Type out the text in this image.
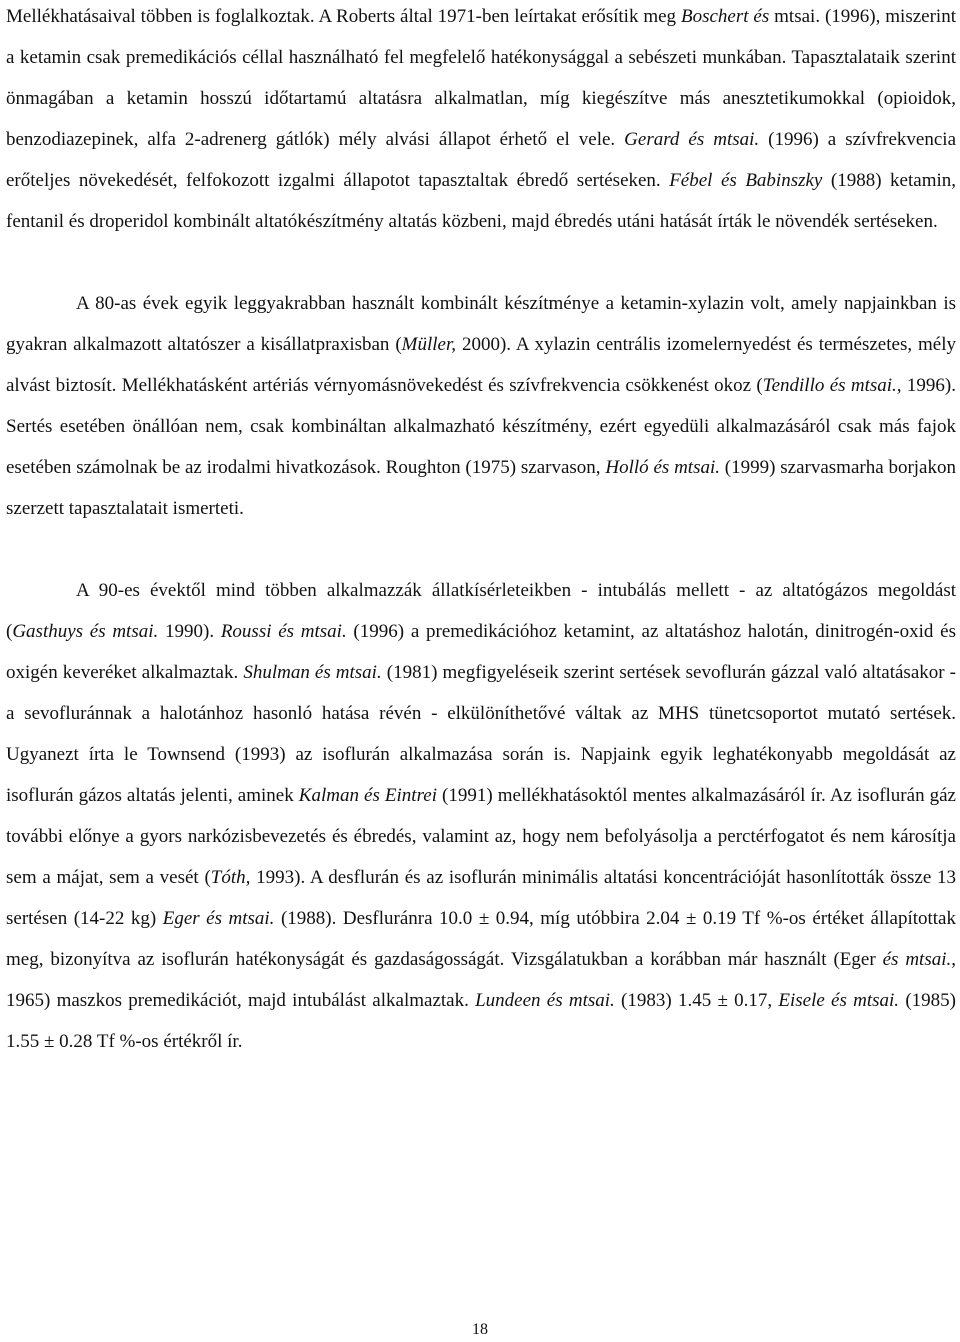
Mellékhatásaival többen is foglalkoztak. A Roberts által 1971-ben leírtakat erősítik meg Boschert és mtsai. (1996), miszerint a ketamin csak premedikációs céllal használható fel megfelelő hatékonysággal a sebészeti munkában. Tapasztalataik szerint önmagában a ketamin hosszú időtartamú altatásra alkalmatlan, míg kiegészítve más anesztetikumokkal (opioidok, benzodiazepinek, alfa 2-adrenerg gátlók) mély alvási állapot érhető el vele. Gerard és mtsai. (1996) a szívfrekvencia erőteljes növekedését, felfokozott izgalmi állapotot tapasztaltak ébredő sertéseken. Fébel és Babinszky (1988) ketamin, fentanil és droperidol kombinált altatókészítmény altatás közbeni, majd ébredés utáni hatását írták le növendék sertéseken.

A 80-as évek egyik leggyakrabban használt kombinált készítménye a ketamin-xylazin volt, amely napjainkban is gyakran alkalmazott altatószer a kisállatpraxisban (Müller, 2000). A xylazin centrális izomelernyedést és természetes, mély alvást biztosít. Mellékhatásként artériás vérnyomásnövekedést és szívfrekvencia csökkenést okoz (Tendillo és mtsai., 1996). Sertés esetében önállóan nem, csak kombináltan alkalmazható készítmény, ezért egyedüli alkalmazásáról csak más fajok esetében számolnak be az irodalmi hivatkozások. Roughton (1975) szarvason, Holló és mtsai. (1999) szarvasmarha borjakon szerzett tapasztalatait ismerteti.

A 90-es évektől mind többen alkalmazzák állatkísérleteikben - intubálás mellett - az altatógázos megoldást (Gasthuys és mtsai. 1990). Roussi és mtsai. (1996) a premedikációhoz ketamint, az altatáshoz halotán, dinitrogén-oxid és oxigén keveréket alkalmaztak. Shulman és mtsai. (1981) megfigyeléseik szerint sertések sevoflurán gázzal való altatásakor - a sevofluránnak a halotánhoz hasonló hatása révén - elkülöníthetővé váltak az MHS tünetcsoportot mutató sertések. Ugyanezt írta le Townsend (1993) az isoflurán alkalmazása során is. Napjaink egyik leghatékonyabb megoldását az isoflurán gázos altatás jelenti, aminek Kalman és Eintrei (1991) mellékhatásoktól mentes alkalmazásáról ír. Az isoflurán gáz további előnye a gyors narkózisbevezetés és ébredés, valamint az, hogy nem befolyásolja a perctérfogatot és nem károsítja sem a májat, sem a vesét (Tóth, 1993). A desflurán és az isoflurán minimális altatási koncentrációját hasonlították össze 13 sertésen (14-22 kg) Eger és mtsai. (1988). Desfluránra 10.0 ± 0.94, míg utóbbira 2.04 ± 0.19 Tf %-os értéket állapítottak meg, bizonyítva az isoflurán hatékonyságát és gazdaságosságát. Vizsgálatukban a korábban már használt (Eger és mtsai., 1965) maszkos premedikációt, majd intubálást alkalmaztak. Lundeen és mtsai. (1983) 1.45 ± 0.17, Eisele és mtsai. (1985) 1.55 ± 0.28 Tf %-os értékről ír.

18
